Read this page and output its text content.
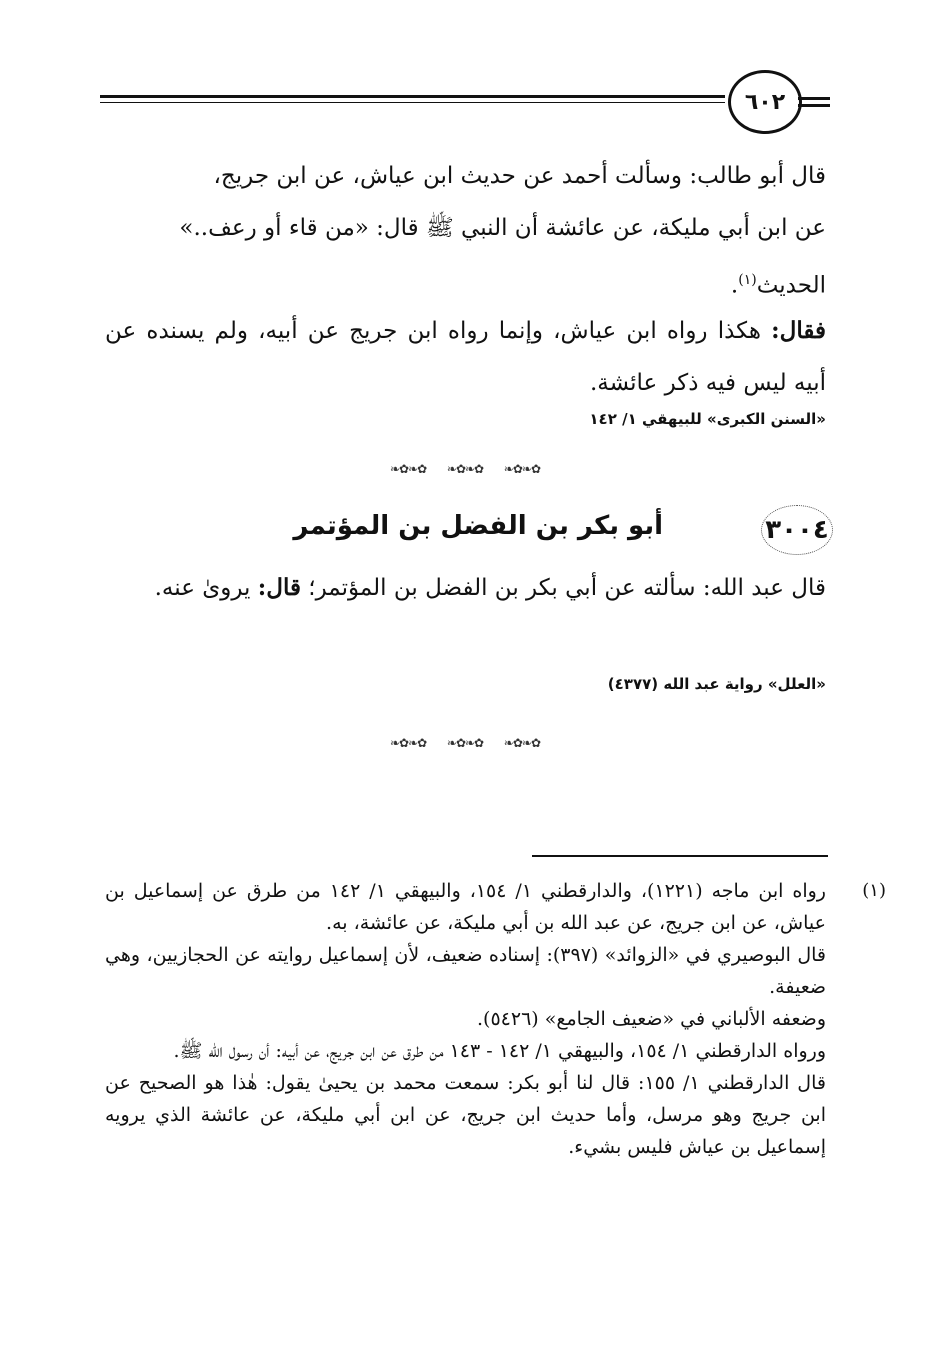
٦٠٢
قال أبو طالب: وسألت أحمد عن حديث ابن عياش، عن ابن جريج،
عن ابن أبي مليكة، عن عائشة أن النبي ﷺ قال: «من قاء أو رعف..»
الحديث$^{(١)}$.
فقال: هكذا رواه ابن عياش، وإنما رواه ابن جريج عن أبيه، ولم يسنده عن أبيه ليس فيه ذكر عائشة.
«السنن الكبرى» للبيهقي ١/ ١٤٢
✿❧✿❧
✿❧✿❧
✿❧✿❧
٣٠٠٤
أبو بكر بن الفضل بن المؤتمر
قال عبد الله: سألته عن أبي بكر بن الفضل بن المؤتمر؛ قال: يروىٰ عنه.
«العلل» رواية عبد الله (٤٣٧٧)
✿❧✿❧
✿❧✿❧
✿❧✿❧
(١)

رواه ابن ماجه (١٢٢١)، والدارقطني ١/ ١٥٤، والبيهقي ١/ ١٤٢ من طرق عن إسماعيل بن عياش، عن ابن جريج، عن عبد الله بن أبي مليكة، عن عائشة، به.

قال البوصيري في «الزوائد» (٣٩٧): إسناده ضعيف، لأن إسماعيل روايته عن الحجازيين، وهي ضعيفة.

وضعفه الألباني في «ضعيف الجامع» (٥٤٢٦).

ورواه الدارقطني ١/ ١٥٤، والبيهقي ١/ ١٤٢ - ١٤٣ من طرق عن ابن جريج، عن أبيه: أن رسول الله ﷺ.

قال الدارقطني ١/ ١٥٥: قال لنا أبو بكر: سمعت محمد بن يحيىٰ يقول: هٰذا هو الصحيح عن ابن جريج وهو مرسل، وأما حديث ابن جريج، عن ابن أبي مليكة، عن عائشة الذي يرويه إسماعيل بن عياش فليس بشيء.
